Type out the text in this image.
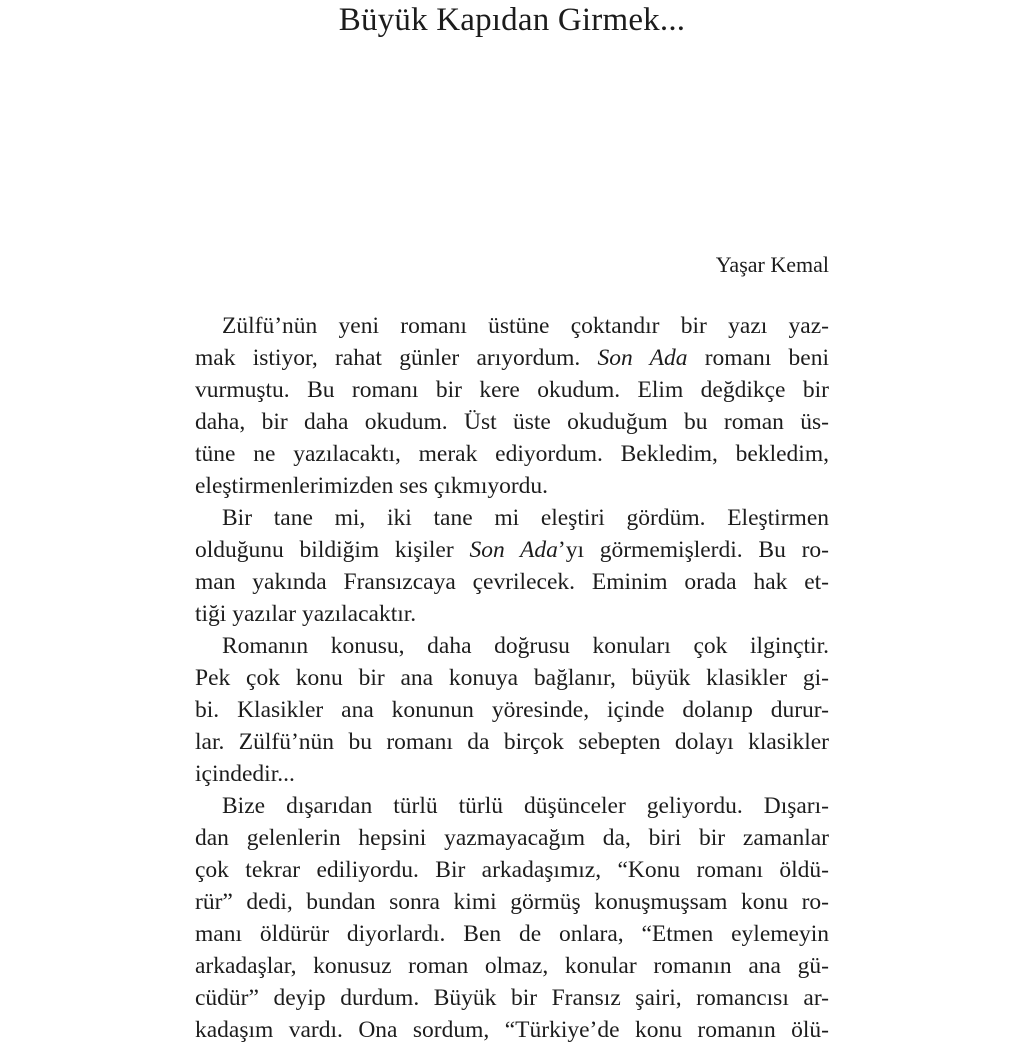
Büyük Kapıdan Girmek...

Yaşar Kemal

Zülfü’nün yeni romanı üstüne çoktandır bir yazı yaz-
mak istiyor, rahat günler arıyordum. Son Ada romanı beni
vurmuştu. Bu romanı bir kere okudum. Elim değdikçe bir
daha, bir daha okudum. Üst üste okuduğum bu roman üs-
tüne ne yazılacaktı, merak ediyordum. Bekledim, bekledim,
eleştirmenlerimizden ses çıkmıyordu.
Bir tane mi, iki tane mi eleştiri gördüm. Eleştirmen
olduğunu bildiğim kişiler Son Ada’yı görmemişlerdi. Bu ro-
man yakında Fransızcaya çevrilecek. Eminim orada hak et-
tiği yazılar yazılacaktır.
Romanın konusu, daha doğrusu konuları çok ilginçtir.
Pek çok konu bir ana konuya bağlanır, büyük klasikler gi-
bi. Klasikler ana konunun yöresinde, içinde dolanıp durur-
lar. Zülfü’nün bu romanı da birçok sebepten dolayı klasikler
içindedir...
Bize dışarıdan türlü türlü düşünceler geliyordu. Dışarı-
dan gelenlerin hepsini yazmayacağım da, biri bir zamanlar
çok tekrar ediliyordu. Bir arkadaşımız, “Konu romanı öldü-
rür” dedi, bundan sonra kimi görmüş konuşmuşsam konu ro-
manı öldürür diyorlardı. Ben de onlara, “Etmen eylemeyin
arkadaşlar, konusuz roman olmaz, konular romanın ana gü-
cüdür” deyip durdum. Büyük bir Fransız şairi, romancısı ar-
kadaşım vardı. Ona sordum, “Türkiye’de konu romanın ölü-
